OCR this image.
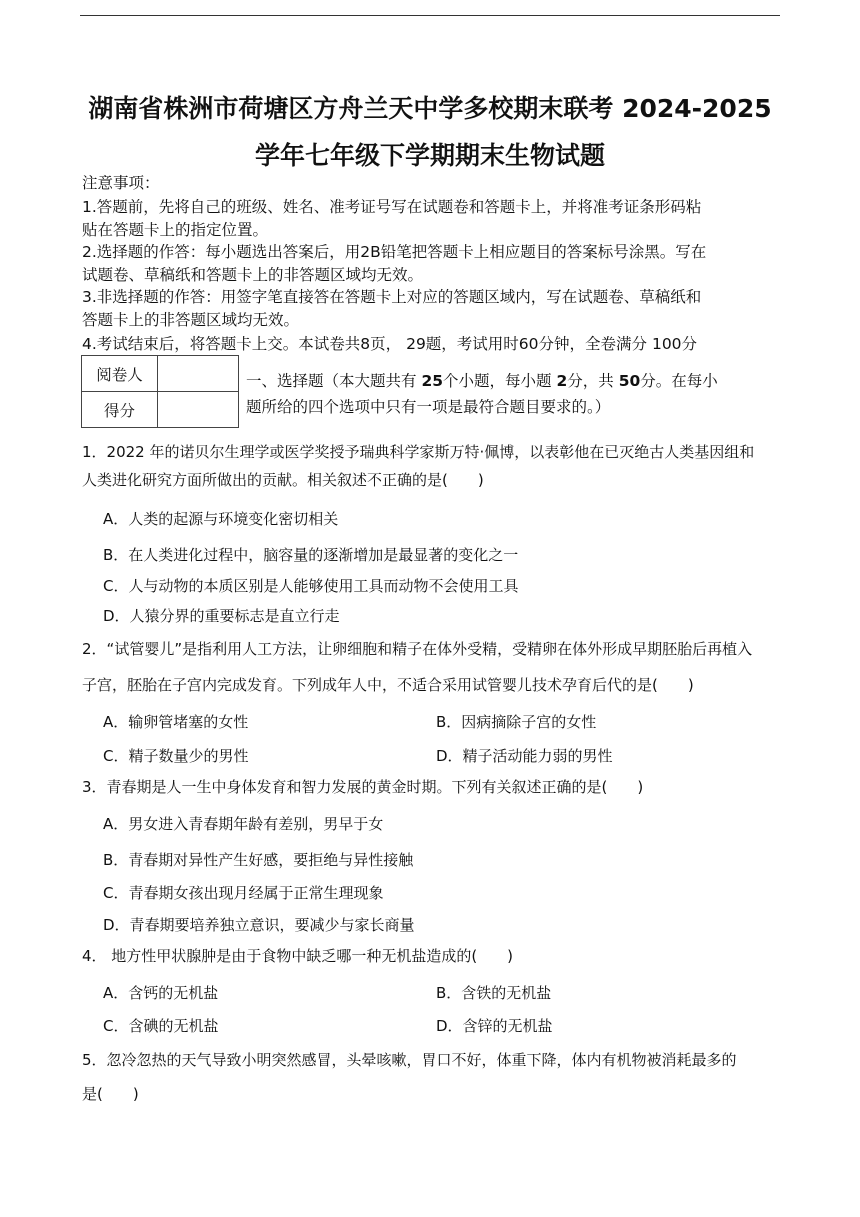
湖南省株洲市荷塘区方舟兰天中学多校期末联考 2024-2025
学年七年级下学期期末生物试题
注意事项：
1.答题前，先将自己的班级、姓名、准考证号写在试题卷和答题卡上，并将准考证条形码粘
贴在答题卡上的指定位置。
2.选择题的作答：每小题选出答案后，用2B铅笔把答题卡上相应题目的答案标号涂黑。写在
试题卷、草稿纸和答题卡上的非答题区域均无效。
3.非选择题的作答：用签字笔直接答在答题卡上对应的答题区域内，写在试题卷、草稿纸和
答题卡上的非答题区域均无效。
4.考试结束后，将答题卡上交。本试卷共8页， 29题，考试用时60分钟，全卷满分 100分
阅卷人	
得分	
一、选择题（本大题共有 25个小题，每小题 2分，共 50分。在每小
题所给的四个选项中只有一项是最符合题目要求的。）
1．2022 年的诺贝尔生理学或医学奖授予瑞典科学家斯万特·佩博，以表彰他在已灭绝古人类基因组和
人类进化研究方面所做出的贡献。相关叙述不正确的是(　　)
A．人类的起源与环境变化密切相关
B．在人类进化过程中，脑容量的逐渐增加是最显著的变化之一
C．人与动物的本质区别是人能够使用工具而动物不会使用工具
D．人猿分界的重要标志是直立行走
2．“试管婴儿”是指利用人工方法，让卵细胞和精子在体外受精，受精卵在体外形成早期胚胎后再植入
子宫，胚胎在子宫内完成发育。下列成年人中，不适合采用试管婴儿技术孕育后代的是(　　)
A．输卵管堵塞的女性	B．因病摘除子宫的女性
C．精子数量少的男性	D．精子活动能力弱的男性
3．青春期是人一生中身体发育和智力发展的黄金时期。下列有关叙述正确的是(　　)
A．男女进入青春期年龄有差别，男早于女
B．青春期对异性产生好感，要拒绝与异性接触
C．青春期女孩出现月经属于正常生理现象
D．青春期要培养独立意识，要减少与家长商量
4． 地方性甲状腺肿是由于食物中缺乏哪一种无机盐造成的(　　)
A．含钙的无机盐	B．含铁的无机盐
C．含碘的无机盐	D．含锌的无机盐
5．忽冷忽热的天气导致小明突然感冒，头晕咳嗽，胃口不好，体重下降，体内有机物被消耗最多的
是(　　)
